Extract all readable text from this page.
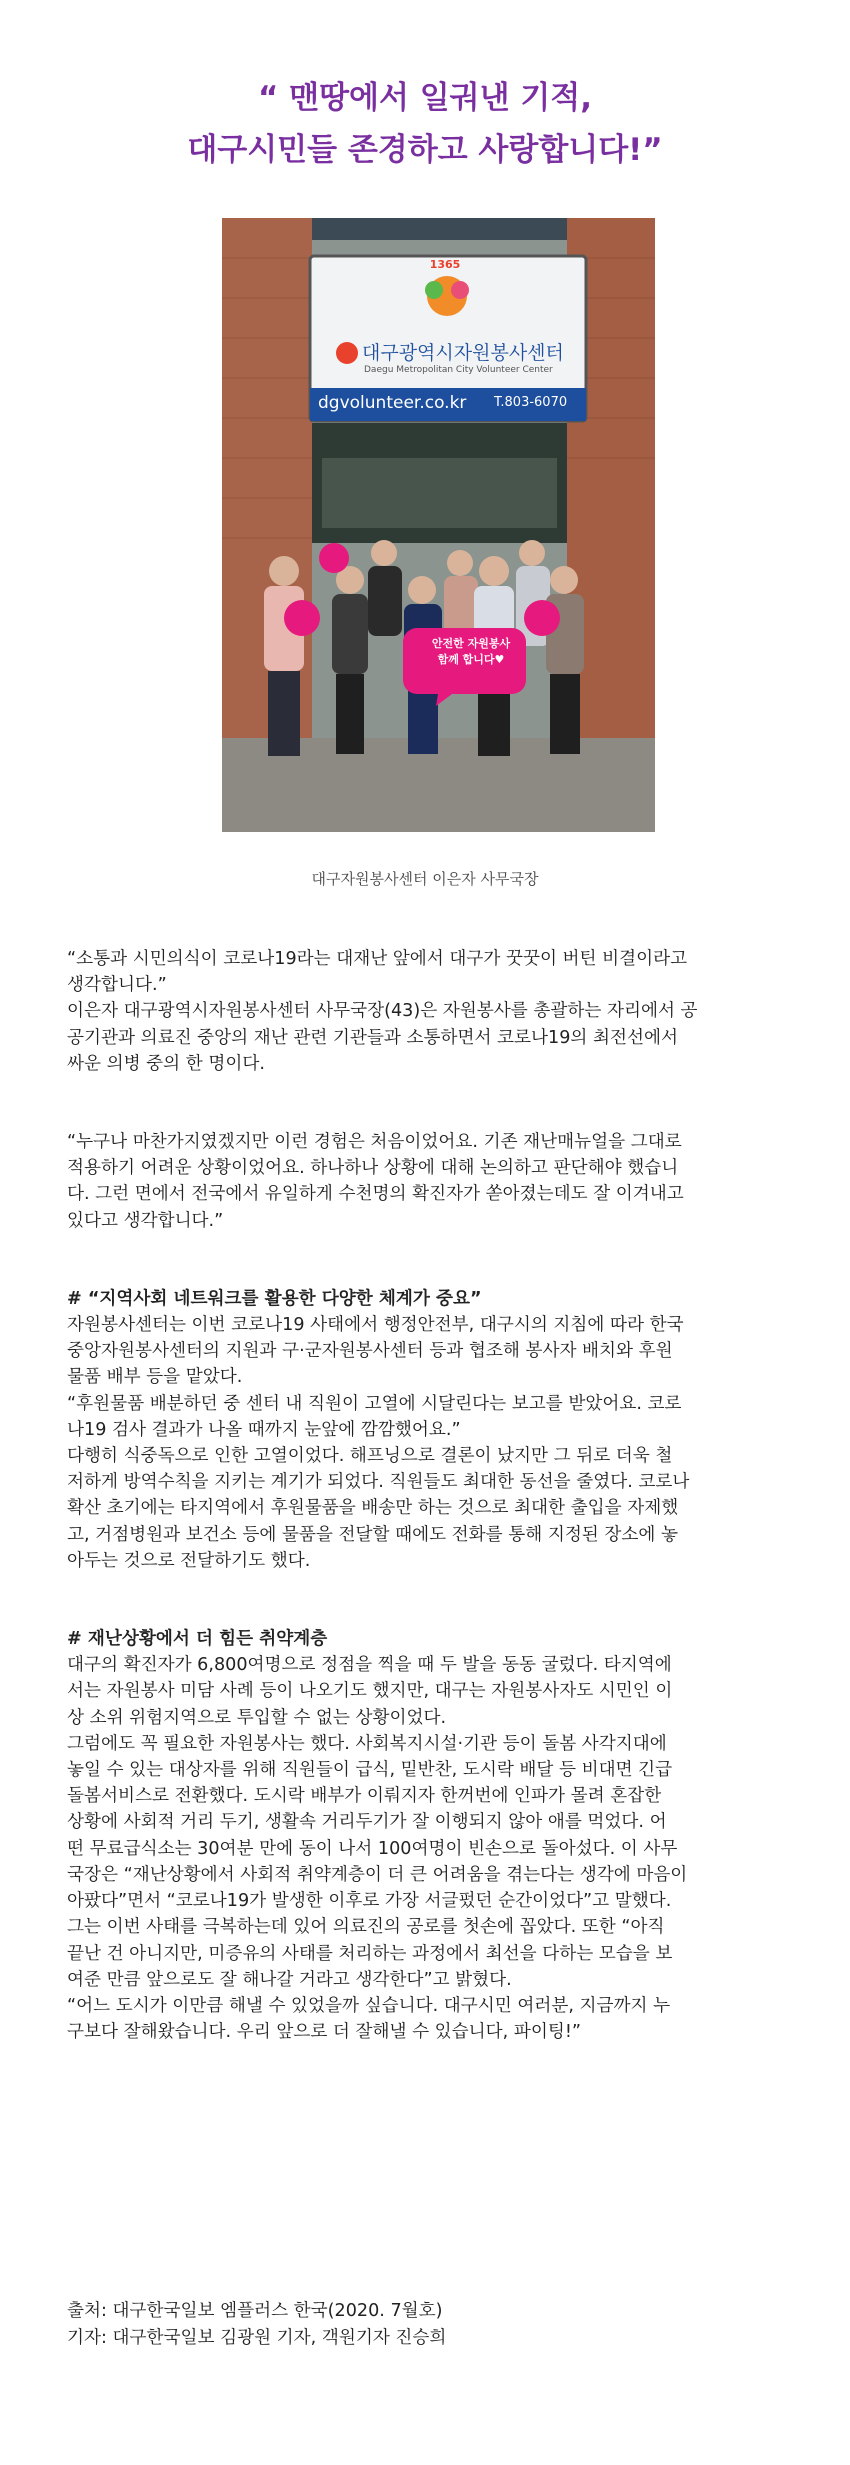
“ 맨땅에서 일궈낸 기적,
대구시민들 존경하고 사랑합니다!”
1365
대구광역시자원봉사센터
Daegu Metropolitan City Volunteer Center
dgvolunteer.co.kr T.803-6070
안전한 자원봉사
함께 합니다♥
대구자원봉사센터 이은자 사무국장

“소통과 시민의식이 코로나19라는 대재난 앞에서 대구가 꿋꿋이 버틴 비결이라고
생각합니다.”
이은자 대구광역시자원봉사센터 사무국장(43)은 자원봉사를 총괄하는 자리에서 공
공기관과 의료진 중앙의 재난 관련 기관들과 소통하면서 코로나19의 최전선에서
싸운 의병 중의 한 명이다.

“누구나 마찬가지였겠지만 이런 경험은 처음이었어요. 기존 재난매뉴얼을 그대로
적용하기 어려운 상황이었어요. 하나하나 상황에 대해 논의하고 판단해야 했습니
다. 그런 면에서 전국에서 유일하게 수천명의 확진자가 쏟아졌는데도 잘 이겨내고
있다고 생각합니다.”

# “지역사회 네트워크를 활용한 다양한 체계가 중요”

자원봉사센터는 이번 코로나19 사태에서 행정안전부, 대구시의 지침에 따라 한국
중앙자원봉사센터의 지원과 구·군자원봉사센터 등과 협조해 봉사자 배치와 후원
물품 배부 등을 맡았다.
“후원물품 배분하던 중 센터 내 직원이 고열에 시달린다는 보고를 받았어요. 코로
나19 검사 결과가 나올 때까지 눈앞에 깜깜했어요.”
다행히 식중독으로 인한 고열이었다. 해프닝으로 결론이 났지만 그 뒤로 더욱 철
저하게 방역수칙을 지키는 계기가 되었다. 직원들도 최대한 동선을 줄였다. 코로나
확산 초기에는 타지역에서 후원물품을 배송만 하는 것으로 최대한 출입을 자제했
고, 거점병원과 보건소 등에 물품을 전달할 때에도 전화를 통해 지정된 장소에 놓
아두는 것으로 전달하기도 했다.

# 재난상황에서 더 힘든 취약계층

대구의 확진자가 6,800여명으로 정점을 찍을 때 두 발을 동동 굴렀다. 타지역에
서는 자원봉사 미담 사례 등이 나오기도 했지만, 대구는 자원봉사자도 시민인 이
상 소위 위험지역으로 투입할 수 없는 상황이었다.
그럼에도 꼭 필요한 자원봉사는 했다. 사회복지시설·기관 등이 돌봄 사각지대에
놓일 수 있는 대상자를 위해 직원들이 급식, 밑반찬, 도시락 배달 등 비대면 긴급
돌봄서비스로 전환했다. 도시락 배부가 이뤄지자 한꺼번에 인파가 몰려 혼잡한
상황에 사회적 거리 두기, 생활속 거리두기가 잘 이행되지 않아 애를 먹었다. 어
떤 무료급식소는 30여분 만에 동이 나서 100여명이 빈손으로 돌아섰다. 이 사무
국장은 “재난상황에서 사회적 취약계층이 더 큰 어려움을 겪는다는 생각에 마음이
아팠다”면서 “코로나19가 발생한 이후로 가장 서글펐던 순간이었다”고 말했다.
그는 이번 사태를 극복하는데 있어 의료진의 공로를 첫손에 꼽았다. 또한 “아직
끝난 건 아니지만, 미증유의 사태를 처리하는 과정에서 최선을 다하는 모습을 보
여준 만큼 앞으로도 잘 해나갈 거라고 생각한다”고 밝혔다.
“어느 도시가 이만큼 해낼 수 있었을까 싶습니다. 대구시민 여러분, 지금까지 누
구보다 잘해왔습니다. 우리 앞으로 더 잘해낼 수 있습니다, 파이팅!”

출처: 대구한국일보 엠플러스 한국(2020. 7월호)
기자: 대구한국일보 김광원 기자, 객원기자 진승희
